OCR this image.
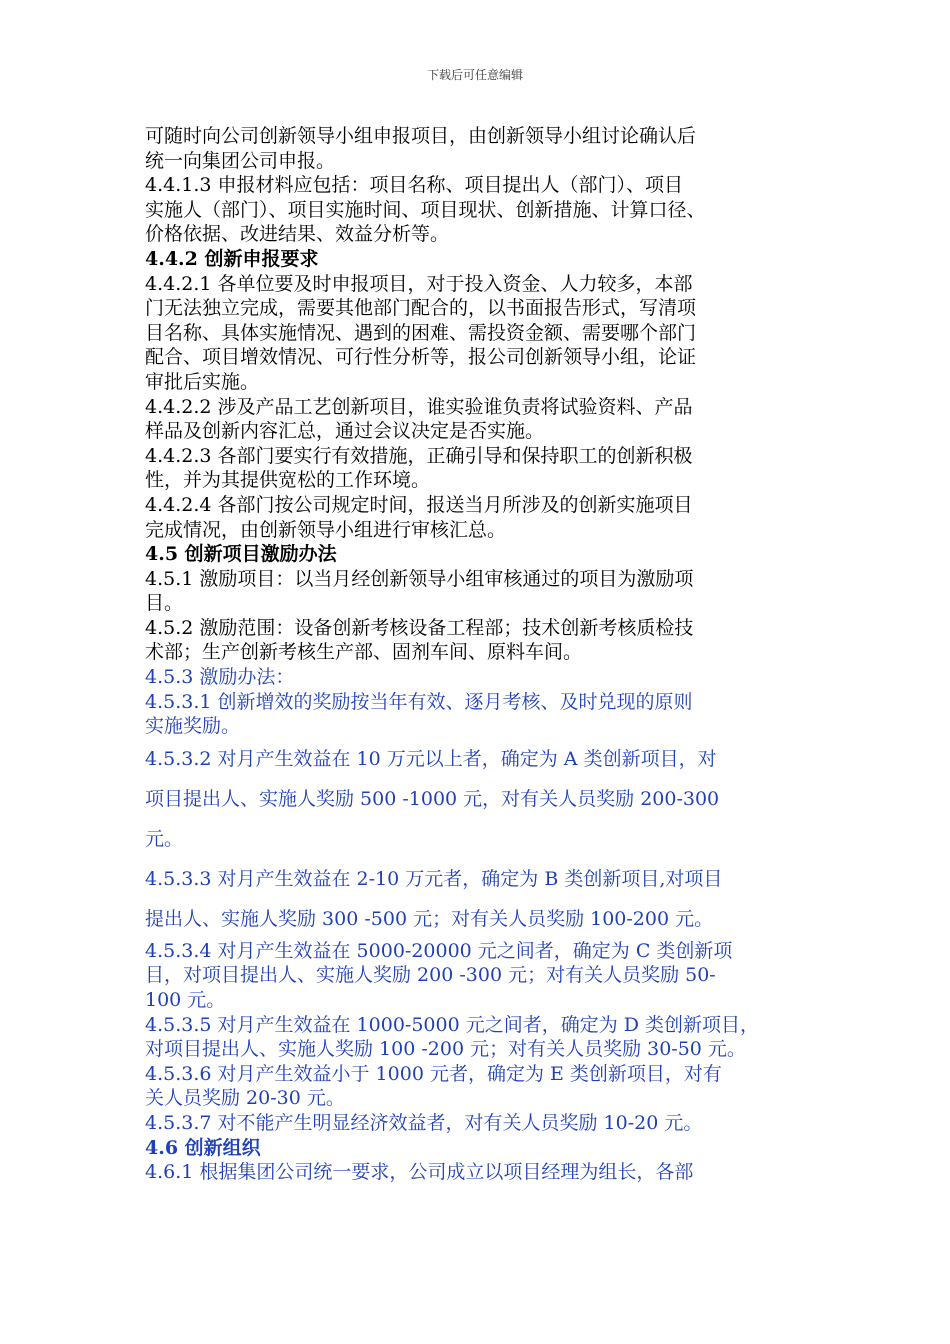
下载后可任意编辑
可随时向公司创新领导小组申报项目，由创新领导小组讨论确认后
统一向集团公司申报。
4.4.1.3 申报材料应包括：项目名称、项目提出人（部门）、项目
实施人（部门）、项目实施时间、项目现状、创新措施、计算口径、
价格依据、改进结果、效益分析等。
4.4.2 创新申报要求
4.4.2.1 各单位要及时申报项目，对于投入资金、人力较多，本部
门无法独立完成，需要其他部门配合的，以书面报告形式，写清项
目名称、具体实施情况、遇到的困难、需投资金额、需要哪个部门
配合、项目增效情况、可行性分析等，报公司创新领导小组，论证
审批后实施。
4.4.2.2 涉及产品工艺创新项目，谁实验谁负责将试验资料、产品
样品及创新内容汇总，通过会议决定是否实施。
4.4.2.3 各部门要实行有效措施，正确引导和保持职工的创新积极
性，并为其提供宽松的工作环境。
4.4.2.4 各部门按公司规定时间，报送当月所涉及的创新实施项目
完成情况，由创新领导小组进行审核汇总。
4.5 创新项目激励办法
4.5.1 激励项目：以当月经创新领导小组审核通过的项目为激励项
目。
4.5.2 激励范围：设备创新考核设备工程部；技术创新考核质检技
术部；生产创新考核生产部、固剂车间、原料车间。
4.5.3 激励办法：
4.5.3.1 创新增效的奖励按当年有效、逐月考核、及时兑现的原则
实施奖励。
4.5.3.2 对月产生效益在 10 万元以上者，确定为 A 类创新项目，对
项目提出人、实施人奖励 500 -1000 元，对有关人员奖励 200-300
元。
4.5.3.3 对月产生效益在 2-10 万元者，确定为 B 类创新项目,对项目
提出人、实施人奖励 300 -500 元；对有关人员奖励 100-200 元。
4.5.3.4 对月产生效益在 5000-20000 元之间者，确定为 C 类创新项
目，对项目提出人、实施人奖励 200 -300 元；对有关人员奖励 50-
100 元。
4.5.3.5 对月产生效益在 1000-5000 元之间者，确定为 D 类创新项目，
对项目提出人、实施人奖励 100 -200 元；对有关人员奖励 30-50 元。
4.5.3.6 对月产生效益小于 1000 元者，确定为 E 类创新项目，对有
关人员奖励 20-30 元。
4.5.3.7 对不能产生明显经济效益者，对有关人员奖励 10-20 元。
4.6 创新组织
4.6.1 根据集团公司统一要求，公司成立以项目经理为组长，各部
